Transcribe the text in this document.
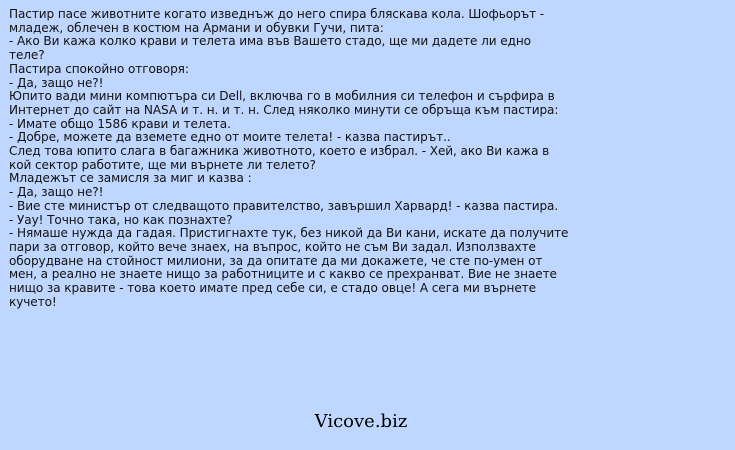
Пастир пасе животните когато изведнъж до него спира бляскава кола. Шофьорът - младеж, облечен в костюм на Армани и обувки Гучи, пита:

- Ако Ви кажа колко крави и телета има във Вашето стадо, ще ми дадете ли едно теле?

Пастира спокойно отговоря:

- Да, защо не?!

Юпито вади мини компютъра си Dell, включва го в мобилния си телефон и сърфира в Интернет до сайт на NASA и т. н. и т. н. След няколко минути се обръща към пастира:

- Имате общо 1586 крави и телета.

- Добре, можете да вземете едно от моите телета! - казва пастирът..

След това юпито слага в багажника животното, което е избрал. - Хей, ако Ви кажа в кой сектор работите, ще ми върнете ли телето?

Младежът се замисля за миг и казва :

- Да, защо не?!

- Вие сте министър от следващото правителство, завършил Харвард! - казва пастира.

- Уау! Точно така, но как познахте?

- Нямаше нужда да гадая. Пристигнахте тук, без никой да Ви кани, искате да получите пари за отговор, който вече знаех, на въпрос, който не съм Ви задал. Използвахте оборудване на стойност милиони, за да опитате да ми докажете, че сте по-умен от мен, а реално не знаете нищо за работниците и с какво се прехранват. Вие не знаете нищо за кравите - това което имате пред себе си, е стадо овце! А сега ми върнете кучето!

Vicove.biz
